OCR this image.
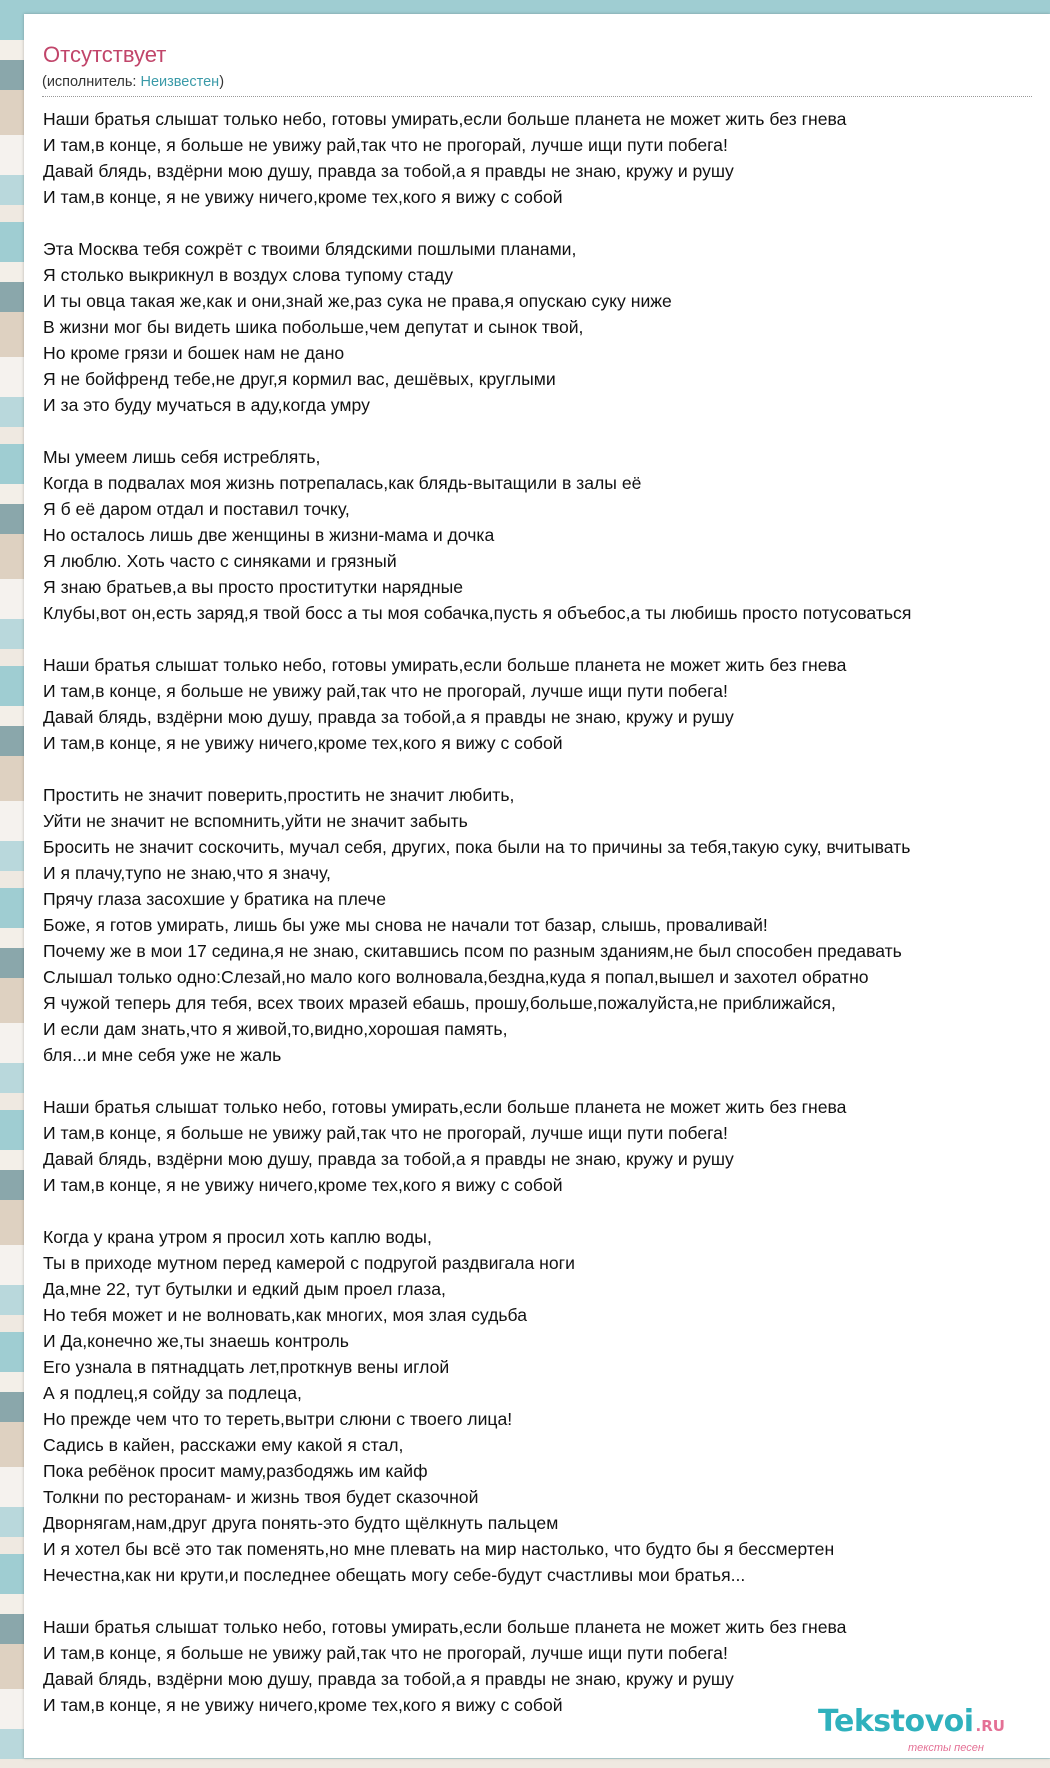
Отсутствует
(исполнитель: Неизвестен)
Наши братья слышат только небо, готовы умирать,если больше планета не может жить без гнева
И там,в конце, я больше не увижу рай,так что не прогорай, лучше ищи пути побега!
Давай блядь, вздёрни мою душу, правда за тобой,а я правды не знаю, кружу и рушу
И там,в конце, я не увижу ничего,кроме тех,кого я вижу с собой
Эта Москва тебя сожрёт с твоими блядскими пошлыми планами,
Я столько выкрикнул в воздух слова тупому стаду
И ты овца такая же,как и они,знай же,раз сука не права,я опускаю суку ниже
В жизни мог бы видеть шика побольше,чем депутат и сынок твой,
Но кроме грязи и бошек нам не дано
Я не бойфренд тебе,не друг,я кормил вас, дешёвых, круглыми
И за это буду мучаться в аду,когда умру
Мы умеем лишь себя истреблять,
Когда в подвалах моя жизнь потрепалась,как блядь-вытащили в залы её
Я б её даром отдал и поставил точку,
Но осталось лишь две женщины в жизни-мама и дочка
Я люблю. Хоть часто с синяками и грязный
Я знаю братьев,а вы просто проститутки нарядные
Клубы,вот он,есть заряд,я твой босс а ты моя собачка,пусть я объебос,а ты любишь просто потусоваться
Наши братья слышат только небо, готовы умирать,если больше планета не может жить без гнева
И там,в конце, я больше не увижу рай,так что не прогорай, лучше ищи пути побега!
Давай блядь, вздёрни мою душу, правда за тобой,а я правды не знаю, кружу и рушу
И там,в конце, я не увижу ничего,кроме тех,кого я вижу с собой
Простить не значит поверить,простить не значит любить,
Уйти не значит не вспомнить,уйти не значит забыть
Бросить не значит соскочить, мучал себя, других, пока были на то причины за тебя,такую суку, вчитывать
И я плачу,тупо не знаю,что я значу,
Прячу глаза засохшие у братика на плече
Боже, я готов умирать, лишь бы уже мы снова не начали тот базар, слышь, проваливай!
Почему же в мои 17 седина,я не знаю, скитавшись псом по разным зданиям,не был способен предавать
Слышал только одно:Слезай,но мало кого волновала,бездна,куда я попал,вышел и захотел обратно
Я чужой теперь для тебя, всех твоих мразей ебашь, прошу,больше,пожалуйста,не приближайся,
И если дам знать,что я живой,то,видно,хорошая память,
бля...и мне себя уже не жаль
Наши братья слышат только небо, готовы умирать,если больше планета не может жить без гнева
И там,в конце, я больше не увижу рай,так что не прогорай, лучше ищи пути побега!
Давай блядь, вздёрни мою душу, правда за тобой,а я правды не знаю, кружу и рушу
И там,в конце, я не увижу ничего,кроме тех,кого я вижу с собой
Когда у крана утром я просил хоть каплю воды,
Ты в приходе мутном перед камерой с подругой раздвигала ноги
Да,мне 22, тут бутылки и едкий дым проел глаза,
Но тебя может и не волновать,как многих, моя злая судьба
И Да,конечно же,ты знаешь контроль
Его узнала в пятнадцать лет,проткнув вены иглой
А я подлец,я сойду за подлеца,
Но прежде чем что то тереть,вытри слюни с твоего лица!
Садись в кайен, расскажи ему какой я стал,
Пока ребёнок просит маму,разбодяжь им кайф
Толкни по ресторанам- и жизнь твоя будет сказочной
Дворнягам,нам,друг друга понять-это будто щёлкнуть пальцем
И я хотел бы всё это так поменять,но мне плевать на мир настолько, что будто бы я бессмертен
Нечестна,как ни крути,и последнее обещать могу себе-будут счастливы мои братья...
Наши братья слышат только небо, готовы умирать,если больше планета не может жить без гнева
И там,в конце, я больше не увижу рай,так что не прогорай, лучше ищи пути побега!
Давай блядь, вздёрни мою душу, правда за тобой,а я правды не знаю, кружу и рушу
И там,в конце, я не увижу ничего,кроме тех,кого я вижу с собой	Tekstovoi .RU
тексты песен
